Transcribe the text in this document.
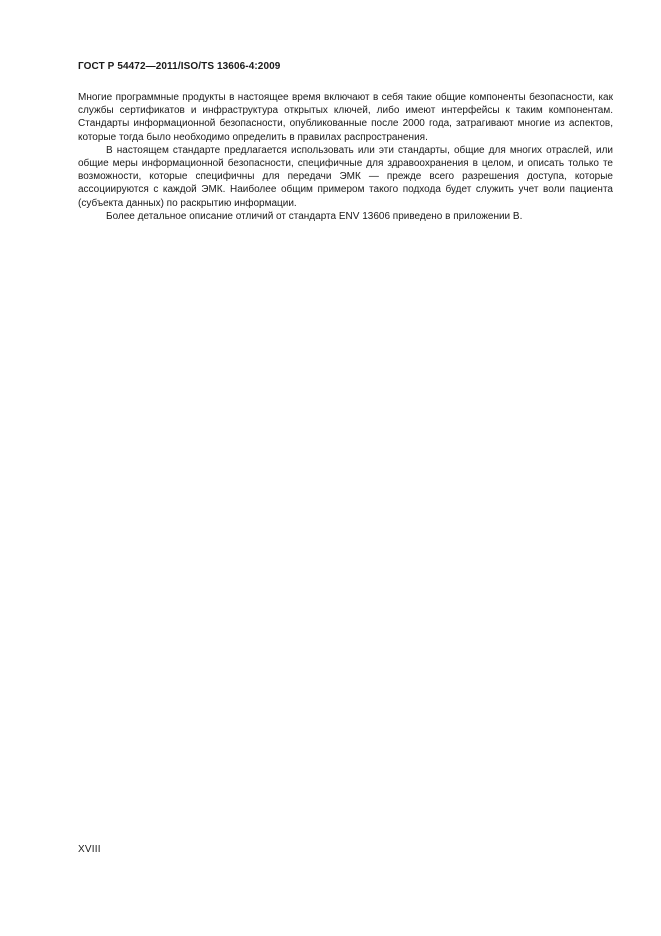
ГОСТ Р 54472—2011/ISO/TS 13606-4:2009

Многие программные продукты в настоящее время включают в себя такие общие компоненты безопасности, как службы сертификатов и инфраструктура открытых ключей, либо имеют интерфейсы к таким компонентам. Стандарты информационной безопасности, опубликованные после 2000 года, затрагивают многие из аспектов, которые тогда было необходимо определить в правилах распространения.

В настоящем стандарте предлагается использовать или эти стандарты, общие для многих отраслей, или общие меры информационной безопасности, специфичные для здравоохранения в целом, и описать только те возможности, которые специфичны для передачи ЭМК — прежде всего разрешения доступа, которые ассоциируются с каждой ЭМК. Наиболее общим примером такого подхода будет служить учет воли пациента (субъекта данных) по раскрытию информации.

Более детальное описание отличий от стандарта ENV 13606 приведено в приложении В.

XVIII
